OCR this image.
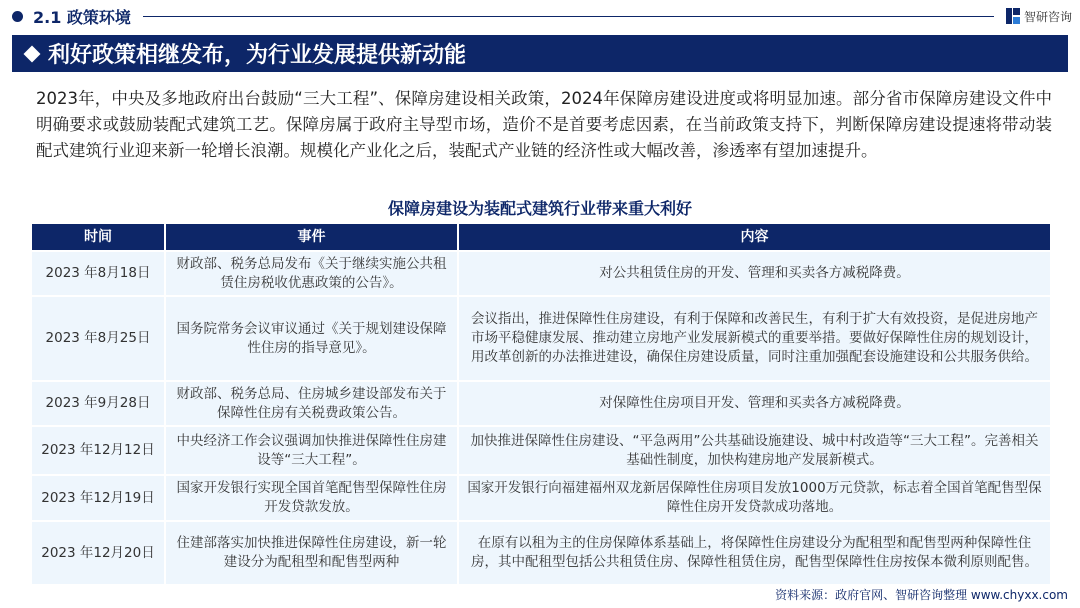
2.1 政策环境	智研咨询
利好政策相继发布，为行业发展提供新动能

2023年，中央及多地政府出台鼓励“三大工程”、保障房建设相关政策，2024年保障房建设进度或将明显加速。部分省市保障房建设文件中明确要求或鼓励装配式建筑工艺。保障房属于政府主导型市场，造价不是首要考虑因素，在当前政策支持下，判断保障房建设提速将带动装配式建筑行业迎来新一轮增长浪潮。规模化产业化之后，装配式产业链的经济性或大幅改善，渗透率有望加速提升。

保障房建设为装配式建筑行业带来重大利好
时间	事件	内容
2023 年8月18日	财政部、税务总局发布《关于继续实施公共租赁住房税收优惠政策的公告》。	对公共租赁住房的开发、管理和买卖各方减税降费。
2023 年8月25日	国务院常务会议审议通过《关于规划建设保障性住房的指导意见》。	会议指出，推进保障性住房建设，有利于保障和改善民生，有利于扩大有效投资，是促进房地产市场平稳健康发展、推动建立房地产业发展新模式的重要举措。要做好保障性住房的规划设计，用改革创新的办法推进建设，确保住房建设质量，同时注重加强配套设施建设和公共服务供给。
2023 年9月28日	财政部、税务总局、住房城乡建设部发布关于保障性住房有关税费政策公告。	对保障性住房项目开发、管理和买卖各方减税降费。
2023 年12月12日	中央经济工作会议强调加快推进保障性住房建设等“三大工程”。	加快推进保障性住房建设、“平急两用”公共基础设施建设、城中村改造等“三大工程”。完善相关基础性制度，加快构建房地产发展新模式。
2023 年12月19日	国家开发银行实现全国首笔配售型保障性住房开发贷款发放。	国家开发银行向福建福州双龙新居保障性住房项目发放1000万元贷款，标志着全国首笔配售型保障性住房开发贷款成功落地。
2023 年12月20日	住建部落实加快推进保障性住房建设，新一轮建设分为配租型和配售型两种	在原有以租为主的住房保障体系基础上，将保障性住房建设分为配租型和配售型两种保障性住房，其中配租型包括公共租赁住房、保障性租赁住房，配售型保障性住房按保本微利原则配售。
资料来源：政府官网、智研咨询整理 www.chyxx.com
